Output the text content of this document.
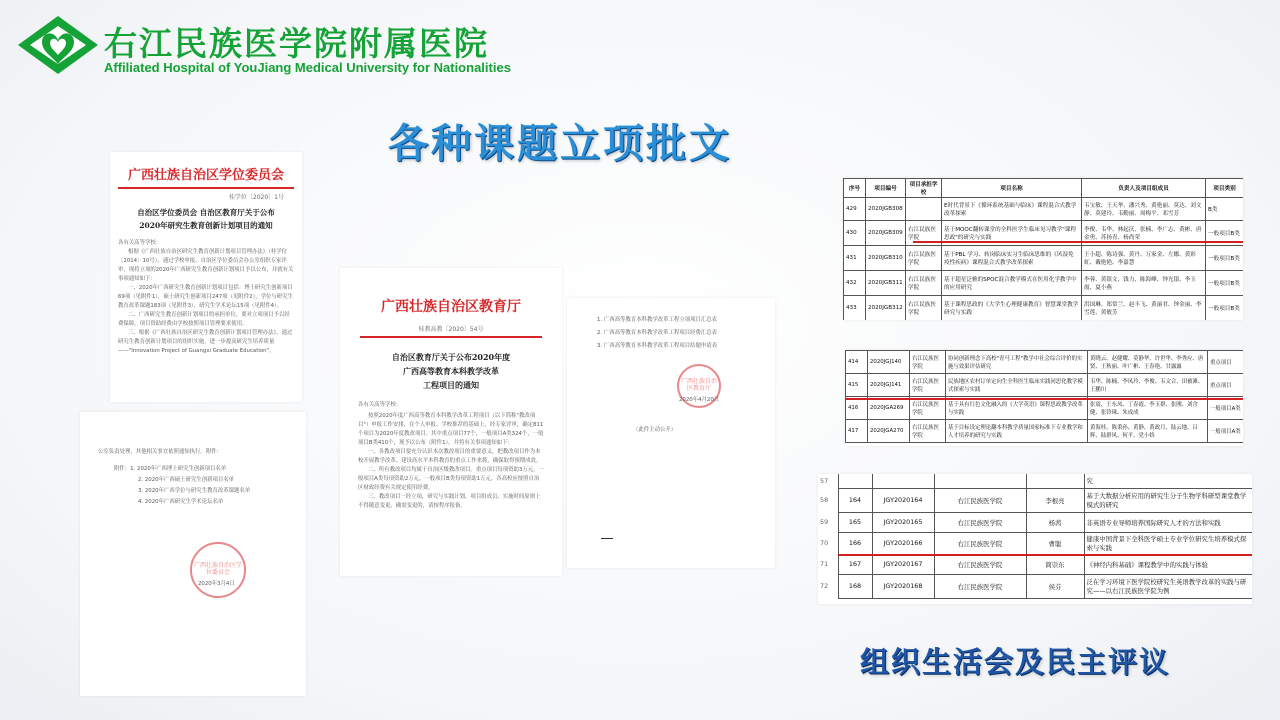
右江民族医学院附属医院
Affiliated Hospital of YouJiang Medical University for Nationalities
各种课题立项批文
广西壮族自治区学位委员会
桂学位〔2020〕1号
自治区学位委员会 自治区教育厅关于公布
2020年研究生教育创新计划项目的通知
各有关高等学校：
根据《广西壮族自治区研究生教育创新计划项目管理办法》（桂学位〔2014〕10号），通过学校申报、自治区学位委员会办公室组织专家评审，现将立项的2020年广西研究生教育创新计划项目予以公布，并就有关事项通知如下：
一、2020年广西研究生教育创新计划项目包括：博士研究生创新项目69项（见附件1），硕士研究生创新项目247项（见附件2），学位与研究生教育改革课题183项（见附件3），研究生学术论坛15项（见附件4）。
二、广西研究生教育创新计划项目的承担单位，要对立项项目予以经费保障，项目资助经费由学校按照项目管理要求使用。
三、根据《广西壮族自治区研究生教育创新计划项目管理办法》，通过研究生教育创新计划项目的组织实施，进一步提高研究生培养质量——"Innovation Project of Guangxi Graduate Education"。
公室负责处理，其他相关事宜依照通知执行。附件：
附件：1. 2020年广西博士研究生创新项目名单
2. 2020年广西硕士研究生创新项目名单
3. 2020年广西学位与研究生教育改革课题名单
4. 2020年广西研究生学术论坛名单
广西壮族自治区学位委员会
2020年3月4日
广西壮族自治区教育厅
桂教高教〔2020〕54号
自治区教育厅关于公布2020年度
广西高等教育本科教学改革
工程项目的通知
各有关高等学校：
按照2020年度广西高等教育本科教学改革工程项目（以下简称"教改项目"）申报工作安排，在个人申报、学校推荐的基础上，经专家评审，确定811个项目为2020年度教改项目。其中重点项目77个，一般项目A类324个，一般项目B类410个，现予以公布（附件1），并将有关事项通知如下：
一、各教改项目要充分认识本次教改项目的重要意义，把教改项目作为本校开展教学改革、建设高水平本科教育的重点工作来抓，确保取得预期成效。
二、所有教改项目均属于自治区级教改项目。重点项目每项资助3万元，一般项目A类每项资助2万元，一般项目B类每项资助1万元。各高校应按照自治区财政经费有关规定使用经费。
三、教改项目一经立项，研究与实践计划、项目组成员、实施时间原则上不得随意变更，确需变更的，请按程序报备。
1. 广西高等教育本科教学改革工程立项项目汇总表
2. 广西高等教育本科教学改革工程项目经费汇总表
3. 广西高等教育本科教学改革工程项目结题申请表
广西壮族自治区教育厅
2020年4月20日
（此件主动公开）
序号	项目编号	项目承担学校	项目名称	负责人及项目组成员	项目类别
429	2020JGB308		E时代背景下《循环系统基础与临床》课程混合式教学改革探索	韦宝敏、王天华、潘兴秀、黄艳丽、莫达、刘文静、莫建玲、韦勤丽、周梅平、邓雪芳	B类
430	2020JGB309	右江民族医学院	基于MOOC翻转课堂的全科医学生临床见习教学"课程思政"的研究与实践	李俊、韦华、林起沃、张楠、李广志、黄彬、唐金勇、苏扬青、杨尚荣	一般项目B类
431	2020JGB310	右江民族医学院	基于PBL 学习、转岗临床实习生临床思维的《风湿免疫性疾病》课程混合式教学改革探索	王小超、陈诗强、黄丹、万家金、左娜、黄彩虹、戴艳艳、李嘉慧	一般项目B类
432	2020JGB311	右江民族医学院	基于超星泛雅的SPOC混合教学模式在医用化学教学中的应用研究	李蓉、黄银文、钱力、陈海峰、钟光银、李玉霞、夏小燕	一般项目B类
433	2020JGB312	右江民族医学院	基于课程思政的《大学生心理健康教育》智慧课堂教学研究与实践	洪国琳、郑常兰、赵丰飞、黄丽君、钟金丽、李雪莲、黄敏芳	一般项目B类
414	2020JGJ140	右江民族医学院	协同创新理念下高校"青马工程"教学中社会综合评价的实施与效果评估研究	黄晓云、赵健耀、莫静华、许世华、李秀应、唐贤、王秋丽、叶广彬、王春艳、甘露露	重点项目
415	2020JGJ141	右江民族医学院	民族地区农村订单定向生全科医生临床实践同思化教学模式探索与实践	韦华、陈楠、李凤玲、李俊、韦文合、田被滩、王鹏川	重点项目
416	2020JGA269	右江民族医学院	基于具有红色文化融入的《大学英语》课程思政教学改革与实践	张震、王东凤、丁春霞、李玉群、张刚、刘含健、张铃珠、朱成成	一般项目A类
417	2020JGA270	右江民族医学院	基于目标设定理论翻本科教学质量国家标准下专业教学和人才培养的研究与实践	黄海桂、陈秉孙、黄静、黄政月、陆云地、吕辉、陆群风、何平、党小娇	一般项目A类
57					究
58	164	JGY2020164	右江民族医学院	李根亮	基于大数据分析应用的研究生分子生物学科研型课堂教学模式的研究
59	165	JGY2020165	右江民族医学院	杨茜	非英语专业导师培养国际研究人才的方法和实践
70	166	JGY2020166	右江民族医学院	曹聪	健康中国背景下全科医学硕士专业学位研究生培养模式探索与实践
71	167	JGY2020167	右江民族医学院	简崇东	《神经内科基础》课程教学中的实践与体验
72	168	JGY2020168	右江民族医学院	侯芬	泛在学习环境下医学院校研究生英语教学改革的实践与研究——以右江民族医学院为例
组织生活会及民主评议
